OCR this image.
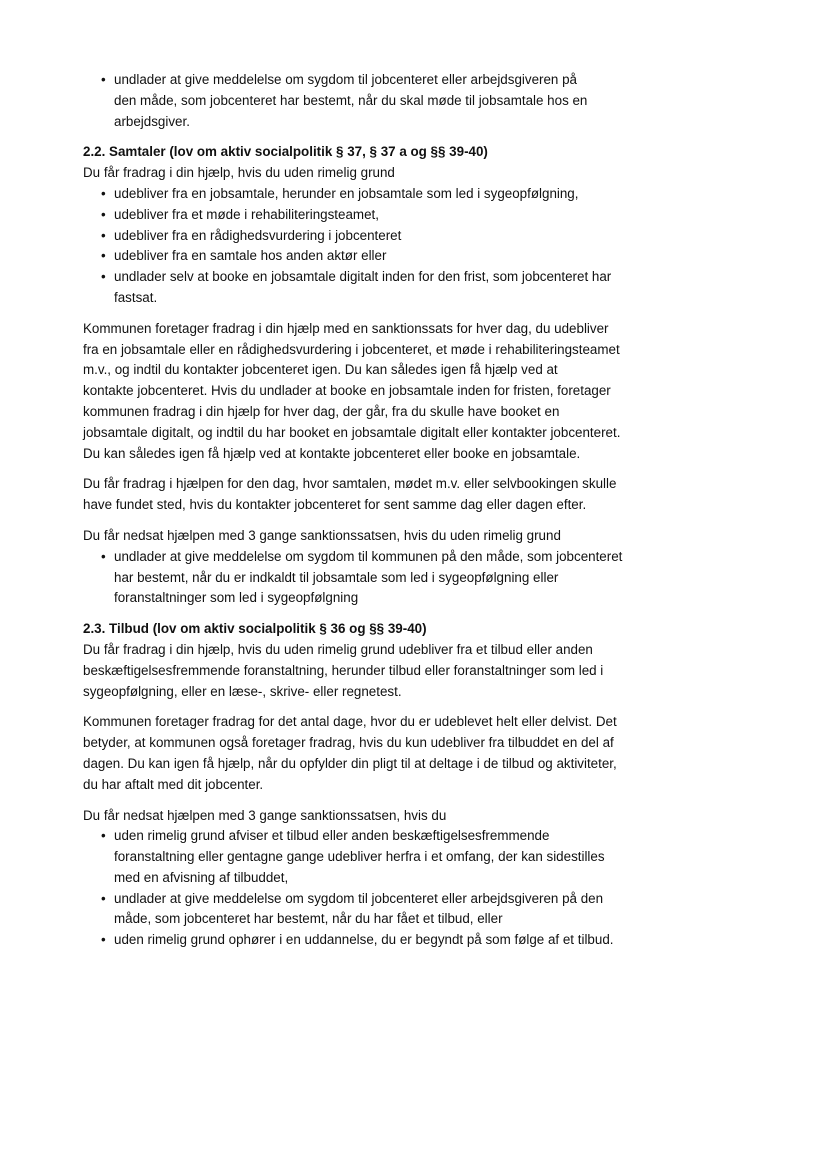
• undlader at give meddelelse om sygdom til jobcenteret eller arbejdsgiveren på
den måde, som jobcenteret har bestemt, når du skal møde til jobsamtale hos en
arbejdsgiver.
2.2. Samtaler (lov om aktiv socialpolitik § 37, § 37 a og §§ 39-40)
Du får fradrag i din hjælp, hvis du uden rimelig grund
• udebliver fra en jobsamtale, herunder en jobsamtale som led i sygeopfølgning,
• udebliver fra et møde i rehabiliteringsteamet,
• udebliver fra en rådighedsvurdering i jobcenteret
• udebliver fra en samtale hos anden aktør eller
• undlader selv at booke en jobsamtale digitalt inden for den frist, som jobcenteret har
fastsat.
Kommunen foretager fradrag i din hjælp med en sanktionssats for hver dag, du udebliver
fra en jobsamtale eller en rådighedsvurdering i jobcenteret, et møde i rehabiliteringsteamet
m.v., og indtil du kontakter jobcenteret igen. Du kan således igen få hjælp ved at
kontakte jobcenteret. Hvis du undlader at booke en jobsamtale inden for fristen, foretager
kommunen fradrag i din hjælp for hver dag, der går, fra du skulle have booket en
jobsamtale digitalt, og indtil du har booket en jobsamtale digitalt eller kontakter jobcenteret.
Du kan således igen få hjælp ved at kontakte jobcenteret eller booke en jobsamtale.
Du får fradrag i hjælpen for den dag, hvor samtalen, mødet m.v. eller selvbookingen skulle
have fundet sted, hvis du kontakter jobcenteret for sent samme dag eller dagen efter.
Du får nedsat hjælpen med 3 gange sanktionssatsen, hvis du uden rimelig grund
• undlader at give meddelelse om sygdom til kommunen på den måde, som jobcenteret
har bestemt, når du er indkaldt til jobsamtale som led i sygeopfølgning eller
foranstaltninger som led i sygeopfølgning
2.3. Tilbud (lov om aktiv socialpolitik § 36 og §§ 39-40)
Du får fradrag i din hjælp, hvis du uden rimelig grund udebliver fra et tilbud eller anden
beskæftigelsesfremmende foranstaltning, herunder tilbud eller foranstaltninger som led i
sygeopfølgning, eller en læse-, skrive- eller regnetest.
Kommunen foretager fradrag for det antal dage, hvor du er udeblevet helt eller delvist. Det
betyder, at kommunen også foretager fradrag, hvis du kun udebliver fra tilbuddet en del af
dagen. Du kan igen få hjælp, når du opfylder din pligt til at deltage i de tilbud og aktiviteter,
du har aftalt med dit jobcenter.
Du får nedsat hjælpen med 3 gange sanktionssatsen, hvis du
• uden rimelig grund afviser et tilbud eller anden beskæftigelsesfremmende
foranstaltning eller gentagne gange udebliver herfra i et omfang, der kan sidestilles
med en afvisning af tilbuddet,
• undlader at give meddelelse om sygdom til jobcenteret eller arbejdsgiveren på den
måde, som jobcenteret har bestemt, når du har fået et tilbud, eller
• uden rimelig grund ophører i en uddannelse, du er begyndt på som følge af et tilbud.
